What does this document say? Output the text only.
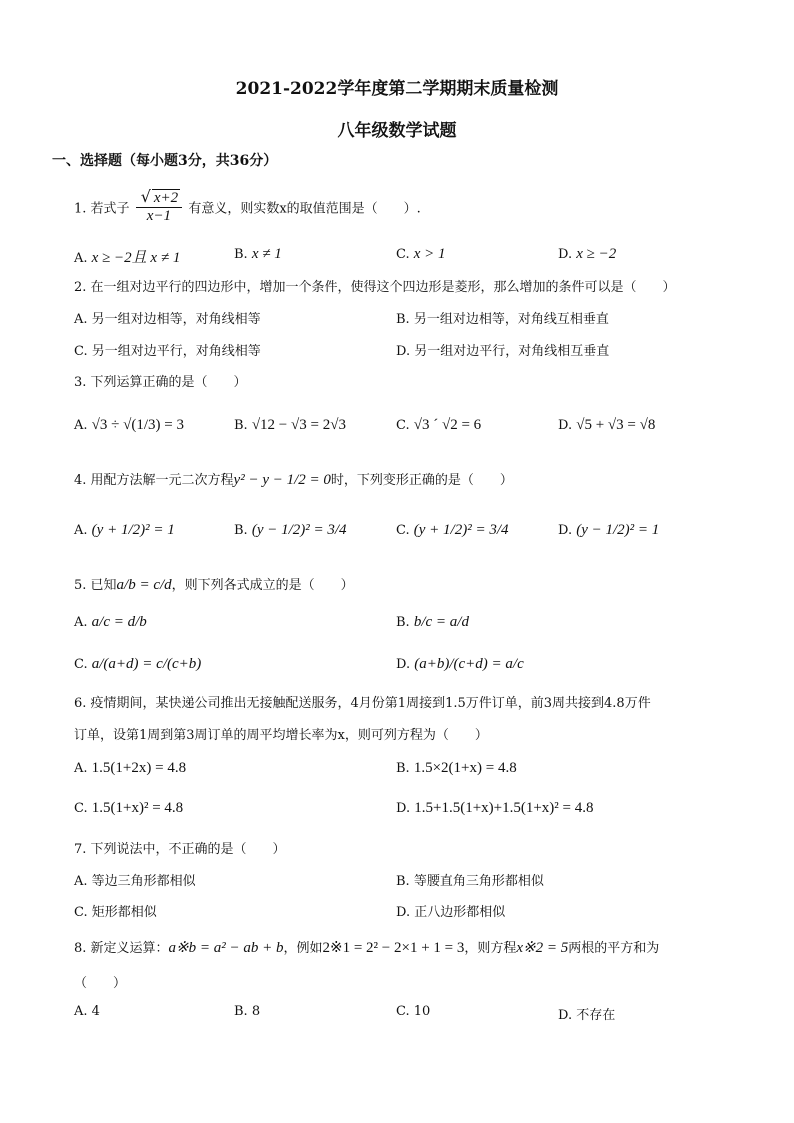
2021-2022学年度第二学期期末质量检测
八年级数学试题
一、选择题（每小题3分，共36分）
1. 若式子 $\frac{√ x+2}{x-1}$ 有意义，则实数x的取值范围是（　　）.
A. x ≥ −2且 x ≠ 1	B. x ≠ 1	C. x > 1	D. x ≥ −2
2. 在一组对边平行的四边形中，增加一个条件，使得这个四边形是菱形，那么增加的条件可以是（　　）
A. 另一组对边相等，对角线相等	B. 另一组对边相等，对角线互相垂直
C. 另一组对边平行，对角线相等	D. 另一组对边平行，对角线相互垂直
3. 下列运算正确的是（　　）
A. √3 ÷ √(1/3) = 3	B. √12 − √3 = 2√3	C. √3 ´ √2 = 6	D. √5 + √3 = √8
4. 用配方法解一元二次方程y² − y − 1/2 = 0时，下列变形正确的是（　　）
A. (y + 1/2)² = 1	B. (y − 1/2)² = 3/4	C. (y + 1/2)² = 3/4	D. (y − 1/2)² = 1
5. 已知a/b = c/d，则下列各式成立的是（　　）
A. a/c = d/b	B. b/c = a/d
C. a/(a+d) = c/(c+b)	D. (a+b)/(c+d) = a/c
6. 疫情期间，某快递公司推出无接触配送服务，4月份第1周接到1.5万件订单，前3周共接到4.8万件
订单，设第1周到第3周订单的周平均增长率为x，则可列方程为（　　）
A. 1.5(1+2x) = 4.8	B. 1.5×2(1+x) = 4.8
C. 1.5(1+x)² = 4.8	D. 1.5+1.5(1+x)+1.5(1+x)² = 4.8
7. 下列说法中，不正确的是（　　）
A. 等边三角形都相似	B. 等腰直角三角形都相似
C. 矩形都相似	D. 正八边形都相似
8. 新定义运算：a※b = a² − ab + b，例如2※1 = 2² − 2×1 + 1 = 3，则方程x※2 = 5两根的平方和为
（　　）
A. 4	B. 8	C. 10	D. 不存在
